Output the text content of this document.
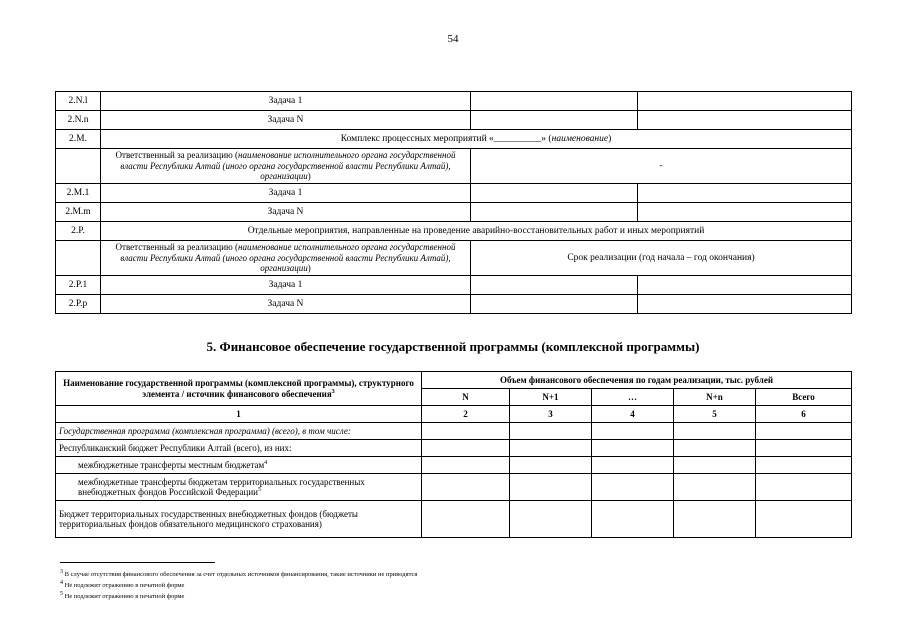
54
2.N.l	Задача 1		
2.N.n	Задача N		
2.M.	Комплекс процессных мероприятий «__________» (наименование)		
	Ответственный за реализацию (наименование исполнительного органа государственной власти Республики Алтай (иного органа государственной власти Республики Алтай), организации)	-	
2.M.1	Задача 1		
2.M.m	Задача N		
2.P.	Отдельные мероприятия, направленные на проведение аварийно-восстановительных работ и иных мероприятий		
	Ответственный за реализацию (наименование исполнительного органа государственной власти Республики Алтай (иного органа государственной власти Республики Алтай), организации)	Срок реализации (год начала – год окончания)	
2.P.1	Задача 1		
2.P.p	Задача N		
5. Финансовое обеспечение государственной программы (комплексной программы)
Наименование государственной программы (комплексной программы), структурного элемента / источник финансового обеспечения$^3$	Объем финансового обеспечения по годам реализации, тыс. рублей				
	N	N+1	…	N+n	Всего
1	2	3	4	5	6
Государственная программа (комплексная программа) (всего), в том числе:					
Республиканский бюджет Республики Алтай (всего), из них:					
межбюджетные трансферты местным бюджетам$^4$					
межбюджетные трансферты бюджетам территориальных государственных внебюджетных фондов Российской Федерации$^5$					
Бюджет территориальных государственных внебюджетных фондов (бюджеты территориальных фондов обязательного медицинского страхования)					
$^3$ В случае отсутствия финансового обеспечения за счет отдельных источников финансирования, такие источники не приводятся
$^4$ Не подлежит отражению в печатной форме
$^5$ Не подлежит отражению в печатной форме
